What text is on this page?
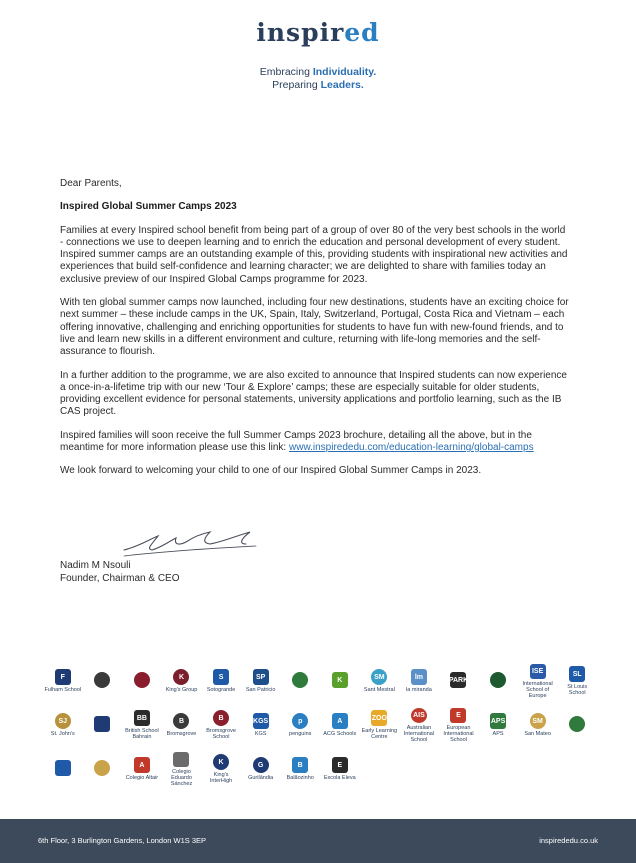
inspired
Embracing Individuality.
Preparing Leaders.

Dear Parents,

Inspired Global Summer Camps 2023

Families at every Inspired school benefit from being part of a group of over 80 of the very best schools in the world - connections we use to deepen learning and to enrich the education and personal development of every student. Inspired summer camps are an outstanding example of this, providing students with inspirational new activities and experiences that build self-confidence and learning character; we are delighted to share with families today an exclusive preview of our Inspired Global Camps programme for 2023.

With ten global summer camps now launched, including four new destinations, students have an exciting choice for next summer – these include camps in the UK, Spain, Italy, Switzerland, Portugal, Costa Rica and Vietnam – each offering innovative, challenging and enriching opportunities for students to have fun with new-found friends, and to live and learn new skills in a different environment and culture, returning with life-long memories and the self-assurance to flourish.

In a further addition to the programme, we are also excited to announce that Inspired students can now experience a once-in-a-lifetime trip with our new ‘Tour & Explore’ camps; these are especially suitable for older students, providing excellent evidence for personal statements, university applications and portfolio learning, such as the IB CAS project.

Inspired families will soon receive the full Summer Camps 2023 brochure, detailing all the above, but in the meantime for more information please use this link: www.inspirededu.com/education-learning/global-camps

We look forward to welcoming your child to one of our Inspired Global Summer Camps in 2023.

Nadim M Nsouli
Founder, Chairman & CEO
F
Fulham School
K
King's Group
S
Sotogrande
SP
San Patricio
K	SM
Sant Mestral
lm
la miranda
PARK
ISE
International School of Europe
SL
St Louis School
SJ
St. John's
BB
British School Bahrain
B
Bromsgrove
B
Bromsgrove School
KGS
KGS
p
penguins
A
ACG Schools
ZOO
Early Learning Centre
AIS
Australian International School
E
European International School
APS
APS
SM
San Mateo
A
Colegio Altair
Colegio Eduardo Sánchez
K
King's InterHigh
G
Gurilândia
B
Balãozinho
E
Escola Eleva
6th Floor, 3 Burlington Gardens, London W1S 3EP	inspirededu.co.uk
